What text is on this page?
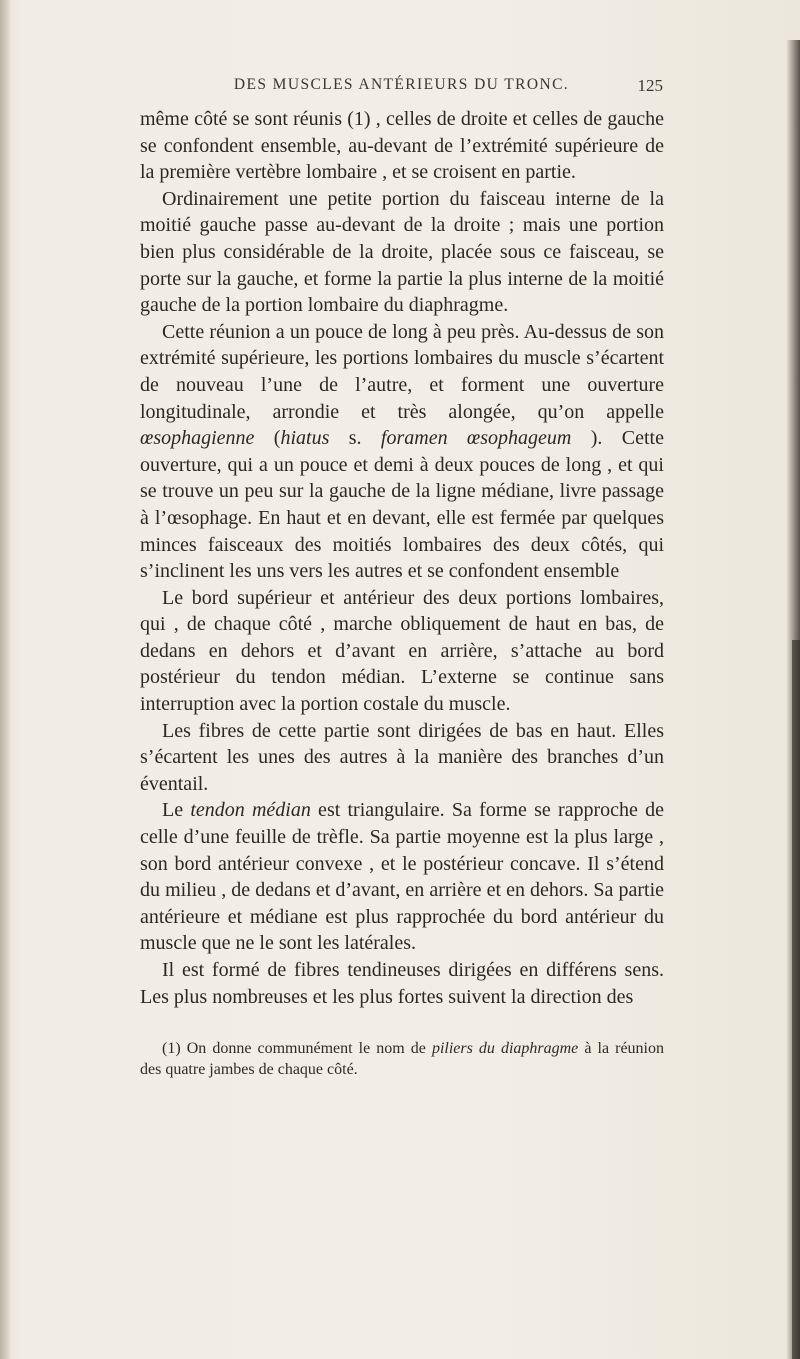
DES MUSCLES ANTÉRIEURS DU TRONC.	125

même côté se sont réunis (1) , celles de droite et celles de gauche se confondent ensemble, au-devant de l’extrémité supérieure de la première vertèbre lombaire , et se croisent en partie.

Ordinairement une petite portion du faisceau interne de la moitié gauche passe au-devant de la droite ; mais une portion bien plus considérable de la droite, placée sous ce faisceau, se porte sur la gauche, et forme la partie la plus interne de la moitié gauche de la portion lombaire du diaphragme.

Cette réunion a un pouce de long à peu près. Au-dessus de son extrémité supérieure, les portions lombaires du muscle s’écartent de nouveau l’une de l’autre, et forment une ouverture longitudinale, arrondie et très alongée, qu’on appelle œsophagienne (hiatus s. foramen œsophageum ). Cette ouverture, qui a un pouce et demi à deux pouces de long , et qui se trouve un peu sur la gauche de la ligne médiane, livre passage à l’œsophage. En haut et en devant, elle est fermée par quelques minces faisceaux des moitiés lombaires des deux côtés, qui s’inclinent les uns vers les autres et se confondent ensemble

Le bord supérieur et antérieur des deux portions lombaires, qui , de chaque côté , marche obliquement de haut en bas, de dedans en dehors et d’avant en arrière, s’attache au bord postérieur du tendon médian. L’externe se continue sans interruption avec la portion costale du muscle.

Les fibres de cette partie sont dirigées de bas en haut. Elles s’écartent les unes des autres à la manière des branches d’un éventail.

Le tendon médian est triangulaire. Sa forme se rapproche de celle d’une feuille de trèfle. Sa partie moyenne est la plus large , son bord antérieur convexe , et le postérieur concave. Il s’étend du milieu , de dedans et d’avant, en arrière et en dehors. Sa partie antérieure et médiane est plus rapprochée du bord antérieur du muscle que ne le sont les latérales.

Il est formé de fibres tendineuses dirigées en différens sens. Les plus nombreuses et les plus fortes suivent la direction des

(1) On donne communément le nom de piliers du diaphragme à la réunion des quatre jambes de chaque côté.
